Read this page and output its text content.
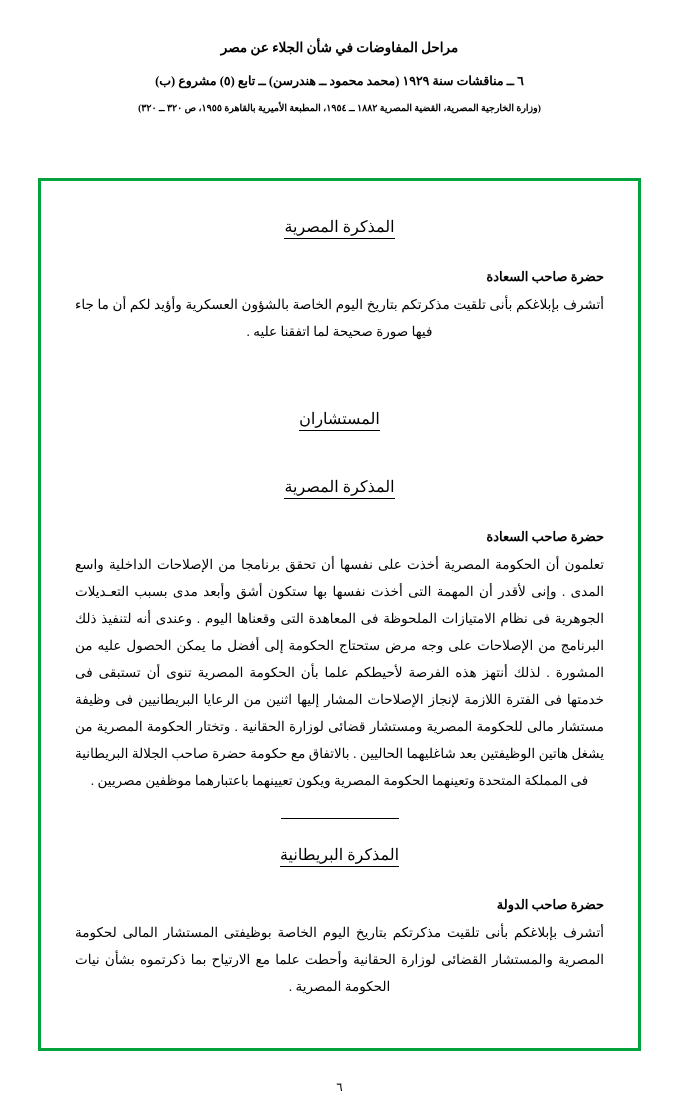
مراحل المفاوضات في شأن الجلاء عن مصر
٦ ــ مناقشات سنة ١٩٢٩ (محمد محمود ــ هندرسن) ــ تابع (٥) مشروع (ب)
(وزارة الخارجية المصرية، القضية المصرية ١٨٨٢ ــ ١٩٥٤، المطبعة الأميرية بالقاهرة ١٩٥٥، ص ٣٢٠ ــ ٣٢٠)
المذكرة المصرية
حضرة صاحب السعادة
أتشرف بإبلاغكم بأنى تلقيت مذكرتكم بتاريخ اليوم الخاصة بالشؤون العسكرية وأؤيد لكم أن ما جاء فيها صورة صحيحة لما اتفقنا عليه .
المستشاران
المذكرة المصرية
حضرة صاحب السعادة
تعلمون أن الحكومة المصرية أخذت على نفسها أن تحقق برنامجا من الإصلاحات الداخلية واسع المدى . وإنى لأقدر أن المهمة التى أخذت نفسها بها ستكون أشق وأبعد مدى بسبب التعـديلات الجوهرية فى نظام الامتيازات الملحوظة فى المعاهدة التى وقعناها اليوم . وعندى أنه لتنفيذ ذلك البرنامج من الإصلاحات على وجه مرض ستحتاج الحكومة إلى أفضل ما يمكن الحصول عليه من المشورة . لذلك أنتهز هذه الفرصة لأحيطكم علما بأن الحكومة المصرية تنوى أن تستبقى فى خدمتها فى الفترة اللازمة لإنجاز الإصلاحات المشار إليها اثنين من الرعايا البريطانيين فى وظيفة مستشار مالى للحكومة المصرية ومستشار قضائى لوزارة الحقانية . وتختار الحكومة المصرية من يشغل هاتين الوظيفتين بعد شاغليهما الحاليين . بالاتفاق مع حكومة حضرة صاحب الجلالة البريطانية فى المملكة المتحدة وتعينهما الحكومة المصرية ويكون تعيينهما باعتبارهما موظفين مصريين .
المذكرة البريطانية
حضرة صاحب الدولة
أتشرف بإبلاغكم بأنى تلقيت مذكرتكم بتاريخ اليوم الخاصة بوظيفتى المستشار المالى لحكومة المصرية والمستشار القضائى لوزارة الحقانية وأحطت علما مع الارتياح بما ذكرتموه بشأن نيات الحكومة المصرية .
٦
